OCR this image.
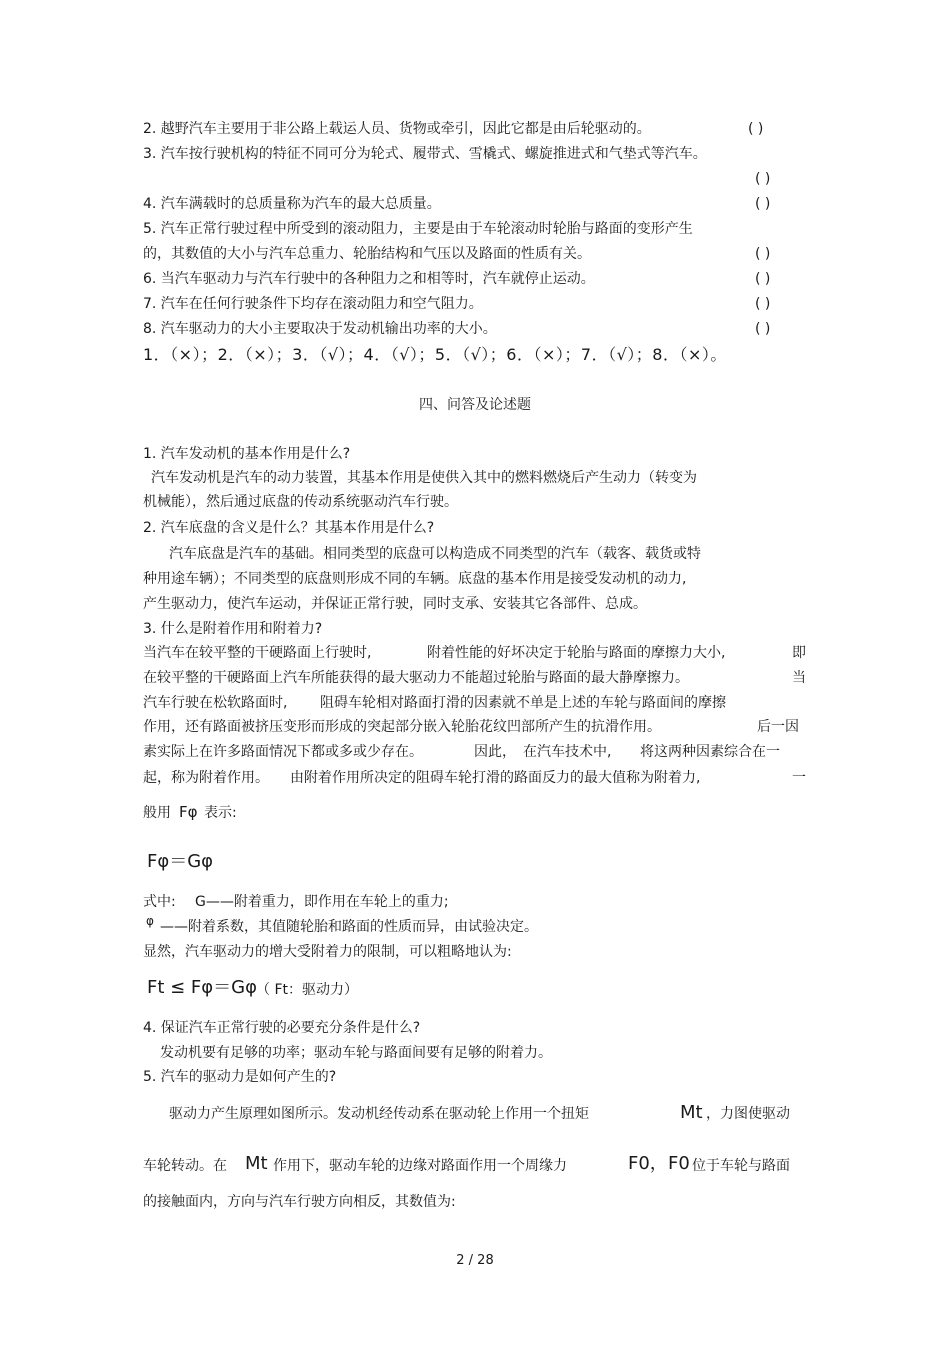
2. 越野汽车主要用于非公路上载运人员、货物或牵引，因此它都是由后轮驱动的。	( )
3. 汽车按行驶机构的特征不同可分为轮式、履带式、雪橇式、螺旋推进式和气垫式等汽车。
( )
4. 汽车满载时的总质量称为汽车的最大总质量。	( )
5. 汽车正常行驶过程中所受到的滚动阻力，主要是由于车轮滚动时轮胎与路面的变形产生
的，其数值的大小与汽车总重力、轮胎结构和气压以及路面的性质有关。	( )
6. 当汽车驱动力与汽车行驶中的各种阻力之和相等时，汽车就停止运动。	( )
7. 汽车在任何行驶条件下均存在滚动阻力和空气阻力。	( )
8. 汽车驱动力的大小主要取决于发动机输出功率的大小。	( )
1．（×）；2．（×）；3．（√）；4．（√）；5．（√）；6．（×）；7．（√）；8．（×）。
四、问答及论述题
1. 汽车发动机的基本作用是什么?
汽车发动机是汽车的动力装置，其基本作用是使供入其中的燃料燃烧后产生动力（转变为
机械能），然后通过底盘的传动系统驱动汽车行驶。
2. 汽车底盘的含义是什么？其基本作用是什么?
汽车底盘是汽车的基础。相同类型的底盘可以构造成不同类型的汽车（载客、载货或特
种用途车辆）；不同类型的底盘则形成不同的车辆。底盘的基本作用是接受发动机的动力,
产生驱动力，使汽车运动，并保证正常行驶，同时支承、安装其它各部件、总成。
3. 什么是附着作用和附着力?
当汽车在较平整的干硬路面上行驶时,	附着性能的好坏决定于轮胎与路面的摩擦力大小,	即
在较平整的干硬路面上汽车所能获得的最大驱动力不能超过轮胎与路面的最大静摩擦力。	当
汽车行驶在松软路面时, 阻碍车轮相对路面打滑的因素就不单是上述的车轮与路面间的摩擦
作用，还有路面被挤压变形而形成的突起部分嵌入轮胎花纹凹部所产生的抗滑作用。	后一因
素实际上在许多路面情况下都或多或少存在。	因此， 在汽车技术中, 将这两种因素综合在一
起，称为附着作用。 由附着作用所决定的阻碍车轮打滑的路面反力的最大值称为附着力,	一
般用 Fφ 表示:
Fφ＝Gφ
式中: G——附着重力，即作用在车轮上的重力;
φ ——附着系数，其值随轮胎和路面的性质而异，由试验决定。
显然，汽车驱动力的增大受附着力的限制，可以粗略地认为:
Ft ≤ Fφ＝Gφ （ Ft：驱动力）
4. 保证汽车正常行驶的必要充分条件是什么?
发动机要有足够的功率；驱动车轮与路面间要有足够的附着力。
5. 汽车的驱动力是如何产生的?
驱动力产生原理如图所示。发动机经传动系在驱动轮上作用一个扭矩	Mt ，力图使驱动
车轮转动。在 Mt 作用下，驱动车轮的边缘对路面作用一个周缘力	F0， F0 位于车轮与路面
的接触面内，方向与汽车行驶方向相反，其数值为:
2 / 28
